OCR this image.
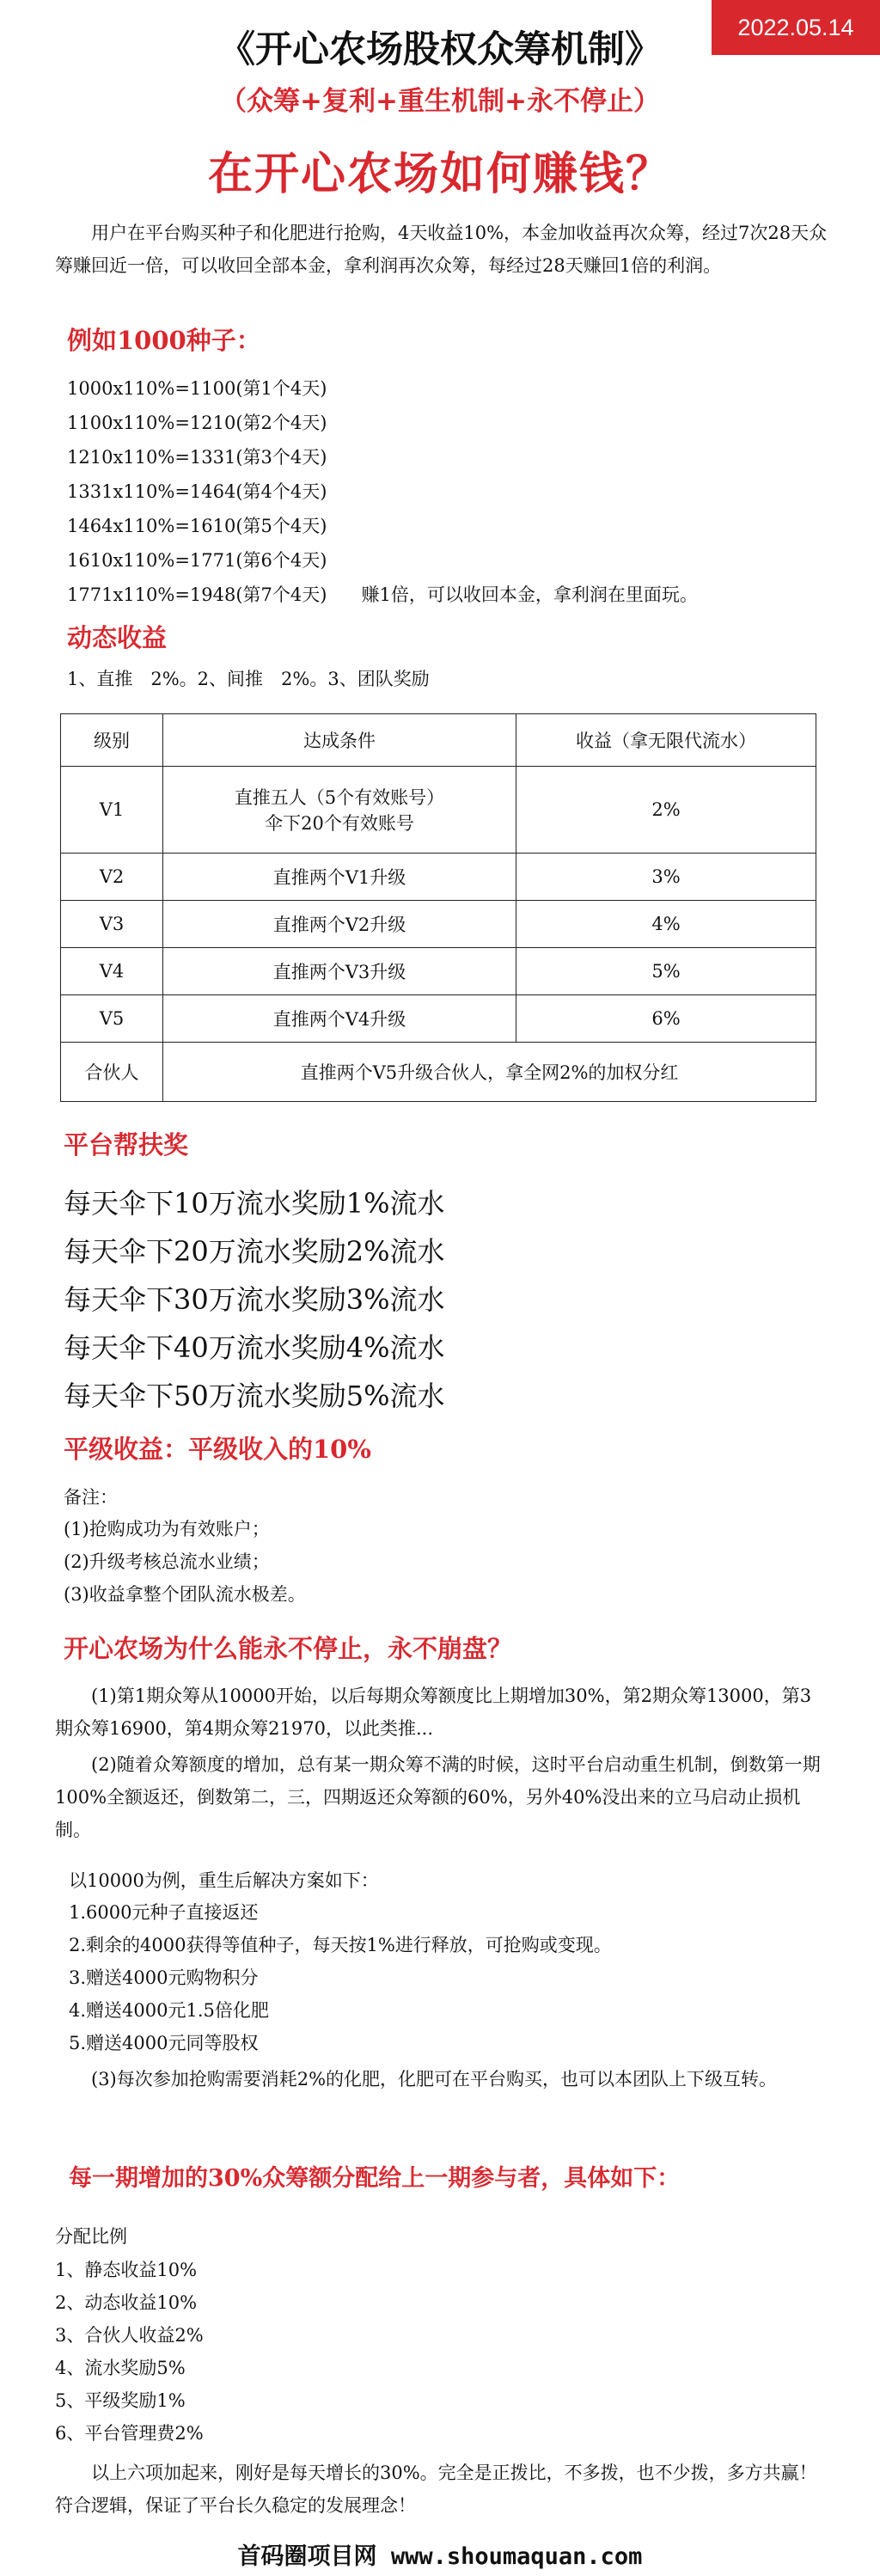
2022.05.14
《开心农场股权众筹机制》
（众筹+复利+重生机制+永不停止）
在开心农场如何赚钱？

用户在平台购买种子和化肥进行抢购，4天收益10%，本金加收益再次众筹，经过7次28天众筹赚回近一倍，可以收回全部本金，拿利润再次众筹，每经过28天赚回1倍的利润。

例如1000种子：
1000x110%=1100(第1个4天)
1100x110%=1210(第2个4天)
1210x110%=1331(第3个4天)
1331x110%=1464(第4个4天)
1464x110%=1610(第5个4天)
1610x110%=1771(第6个4天)
1771x110%=1948(第7个4天) 赚1倍，可以收回本金，拿利润在里面玩。
动态收益
1、直推　2%。2、间推　2%。3、团队奖励
级别	达成条件	收益（拿无限代流水）
V1	直推五人（5个有效账号）
伞下20个有效账号	2%
V2	直推两个V1升级	3%
V3	直推两个V2升级	4%
V4	直推两个V3升级	5%
V5	直推两个V4升级	6%
合伙人	直推两个V5升级合伙人，拿全网2%的加权分红	
平台帮扶奖
每天伞下10万流水奖励1%流水
每天伞下20万流水奖励2%流水
每天伞下30万流水奖励3%流水
每天伞下40万流水奖励4%流水
每天伞下50万流水奖励5%流水
平级收益：平级收入的10%
备注：
(1)抢购成功为有效账户；
(2)升级考核总流水业绩；
(3)收益拿整个团队流水极差。
开心农场为什么能永不停止，永不崩盘？

(1)第1期众筹从10000开始，以后每期众筹额度比上期增加30%，第2期众筹13000，第3期众筹16900，第4期众筹21970，以此类推...

(2)随着众筹额度的增加，总有某一期众筹不满的时候，这时平台启动重生机制，倒数第一期100%全额返还，倒数第二，三，四期返还众筹额的60%，另外40%没出来的立马启动止损机制。

以10000为例，重生后解决方案如下：
1.6000元种子直接返还
2.剩余的4000获得等值种子，每天按1%进行释放，可抢购或变现。
3.赠送4000元购物积分
4.赠送4000元1.5倍化肥
5.赠送4000元同等股权

(3)每次参加抢购需要消耗2%的化肥，化肥可在平台购买，也可以本团队上下级互转。

每一期增加的30%众筹额分配给上一期参与者，具体如下：
分配比例
1、静态收益10%
2、动态收益10%
3、合伙人收益2%
4、流水奖励5%
5、平级奖励1%
6、平台管理费2%

以上六项加起来，刚好是每天增长的30%。完全是正拨比，不多拨，也不少拨，多方共赢！符合逻辑，保证了平台长久稳定的发展理念！

首码圈项目网 www.shoumaquan.com
